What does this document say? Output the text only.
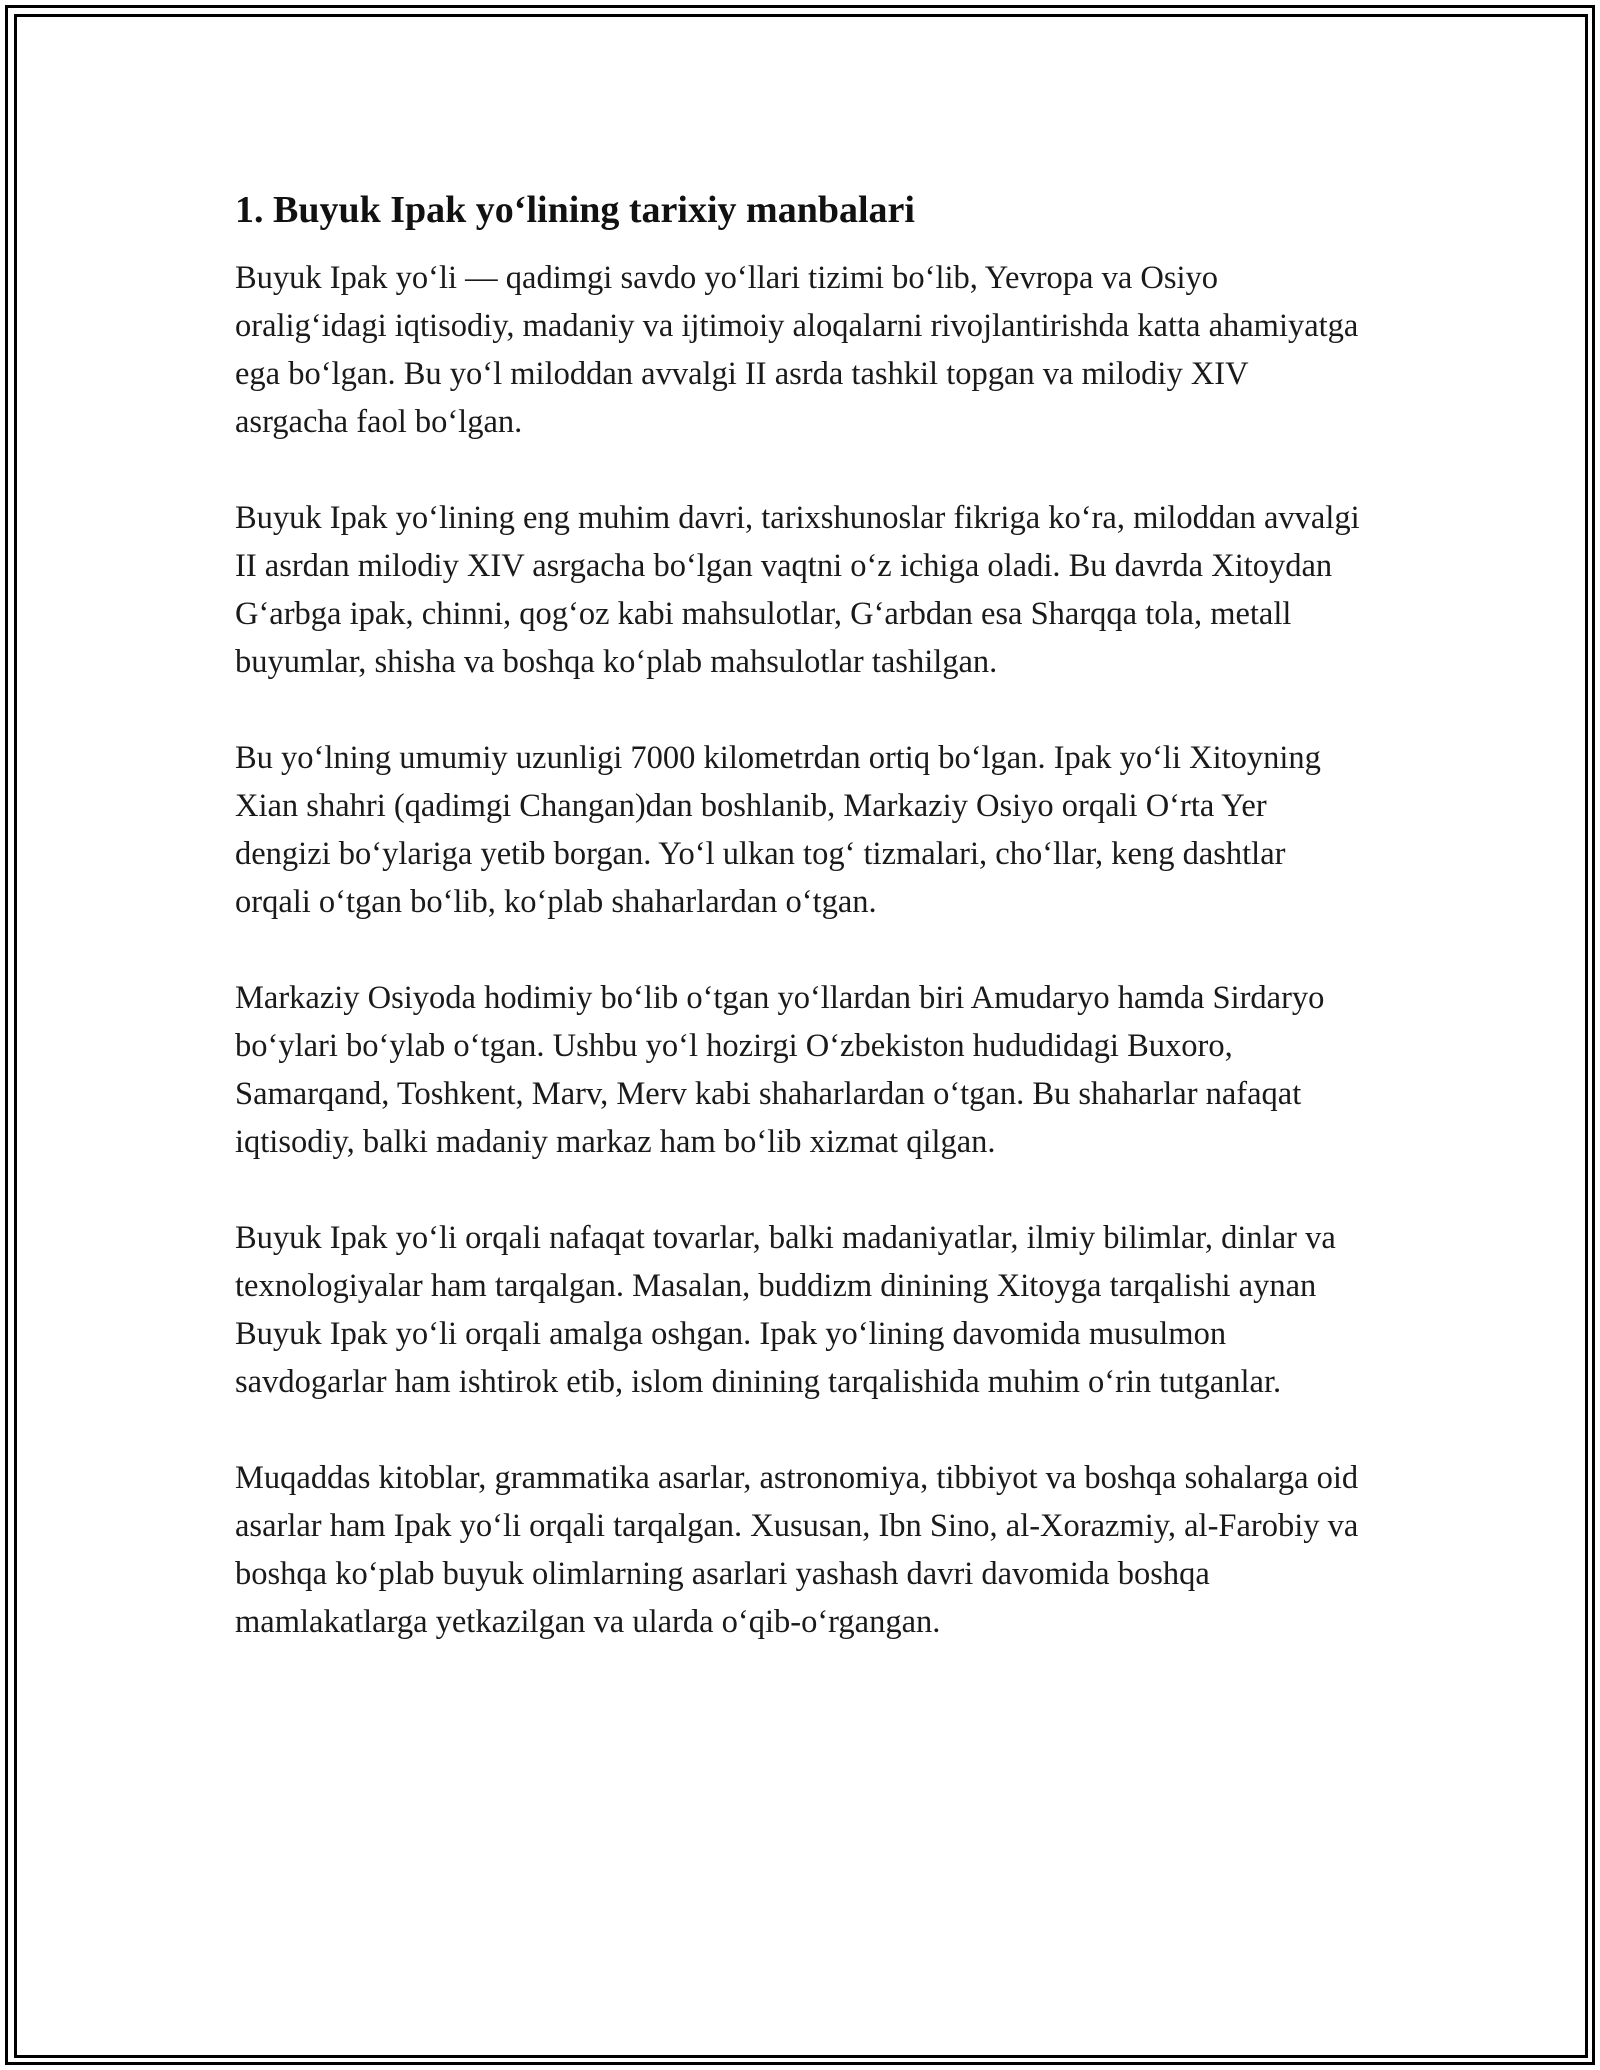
1. Buyuk Ipak yoʻlining tarixiy manbalari

Buyuk Ipak yoʻli — qadimgi savdo yoʻllari tizimi boʻlib, Yevropa va Osiyo oraligʻidagi iqtisodiy, madaniy va ijtimoiy aloqalarni rivojlantirishda katta ahamiyatga ega boʻlgan. Bu yoʻl miloddan avvalgi II asrda tashkil topgan va milodiy XIV asrgacha faol boʻlgan.

Buyuk Ipak yoʻlining eng muhim davri, tarixshunoslar fikriga koʻra, miloddan avvalgi II asrdan milodiy XIV asrgacha boʻlgan vaqtni oʻz ichiga oladi. Bu davrda Xitoydan Gʻarbga ipak, chinni, qogʻoz kabi mahsulotlar, Gʻarbdan esa Sharqqa tola, metall buyumlar, shisha va boshqa koʻplab mahsulotlar tashilgan.

Bu yoʻlning umumiy uzunligi 7000 kilometrdan ortiq boʻlgan. Ipak yoʻli Xitoyning Xian shahri (qadimgi Changan)dan boshlanib, Markaziy Osiyo orqali Oʻrta Yer dengizi boʻylariga yetib borgan. Yoʻl ulkan togʻ tizmalari, choʻllar, keng dashtlar orqali oʻtgan boʻlib, koʻplab shaharlardan oʻtgan.

Markaziy Osiyoda hodimiy boʻlib oʻtgan yoʻllardan biri Amudaryo hamda Sirdaryo boʻylari boʻylab oʻtgan. Ushbu yoʻl hozirgi Oʻzbekiston hududidagi Buxoro, Samarqand, Toshkent, Marv, Merv kabi shaharlardan oʻtgan. Bu shaharlar nafaqat iqtisodiy, balki madaniy markaz ham boʻlib xizmat qilgan.

Buyuk Ipak yoʻli orqali nafaqat tovarlar, balki madaniyatlar, ilmiy bilimlar, dinlar va texnologiyalar ham tarqalgan. Masalan, buddizm dinining Xitoyga tarqalishi aynan Buyuk Ipak yoʻli orqali amalga oshgan. Ipak yoʻlining davomida musulmon savdogarlar ham ishtirok etib, islom dinining tarqalishida muhim oʻrin tutganlar.

Muqaddas kitoblar, grammatika asarlar, astronomiya, tibbiyot va boshqa sohalarga oid asarlar ham Ipak yoʻli orqali tarqalgan. Xususan, Ibn Sino, al-Xorazmiy, al-Farobiy va boshqa koʻplab buyuk olimlarning asarlari yashash davri davomida boshqa mamlakatlarga yetkazilgan va ularda oʻqib-oʻrgangan.
